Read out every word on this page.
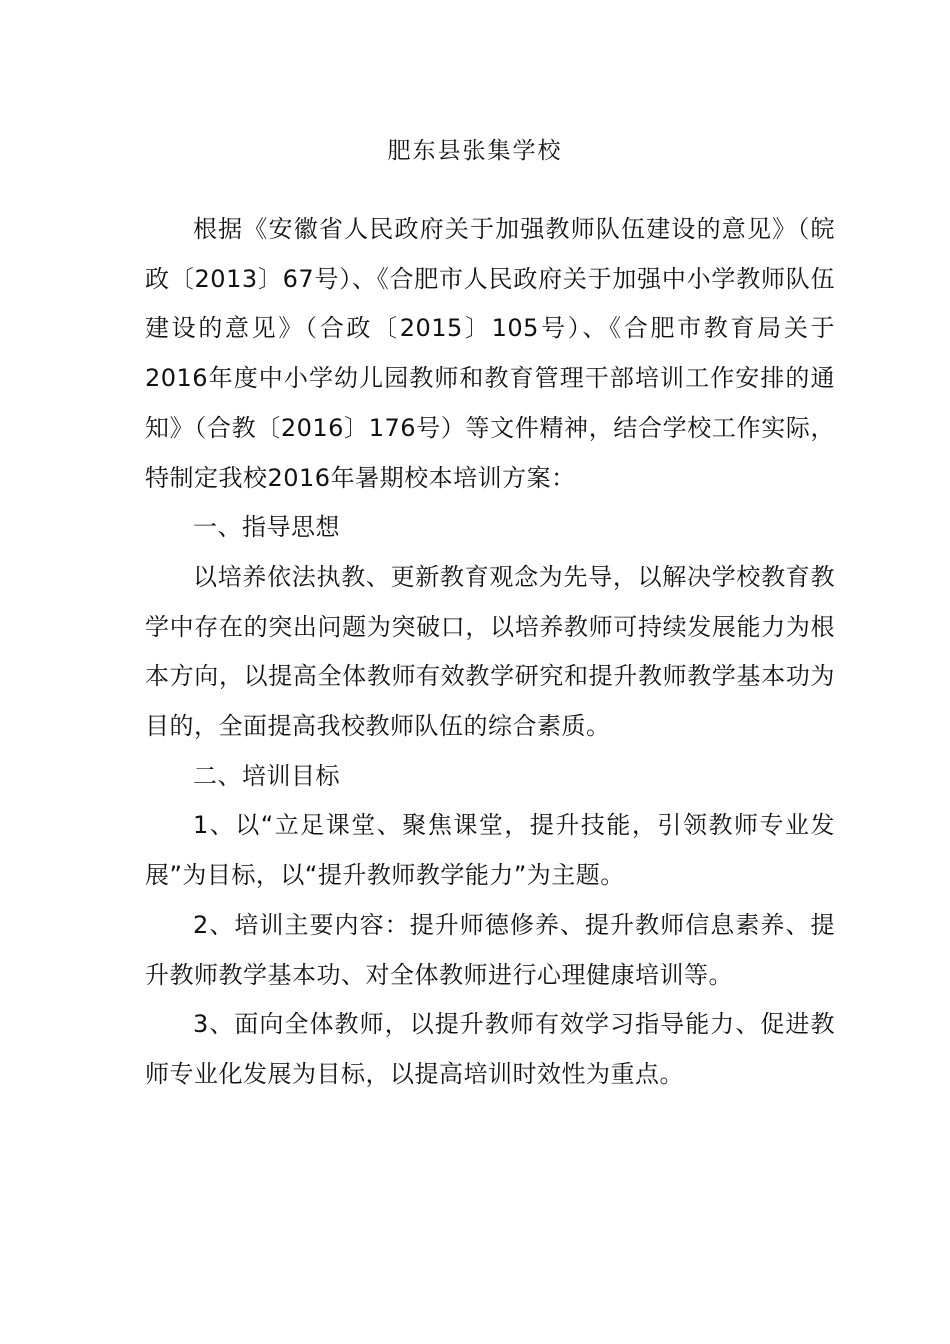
肥东县张集学校

根据《安徽省人民政府关于加强教师队伍建设的意见》（皖政〔2013〕67号）、《合肥市人民政府关于加强中小学教师队伍建设的意见》（合政〔2015〕105号）、《合肥市教育局关于2016年度中小学幼儿园教师和教育管理干部培训工作安排的通知》（合教〔2016〕176号）等文件精神，结合学校工作实际，特制定我校2016年暑期校本培训方案：

一、指导思想

以培养依法执教、更新教育观念为先导，以解决学校教育教学中存在的突出问题为突破口，以培养教师可持续发展能力为根本方向，以提高全体教师有效教学研究和提升教师教学基本功为目的，全面提高我校教师队伍的综合素质。

二、培训目标

1、以“立足课堂、聚焦课堂，提升技能，引领教师专业发展”为目标，以“提升教师教学能力”为主题。

2、培训主要内容：提升师德修养、提升教师信息素养、提升教师教学基本功、对全体教师进行心理健康培训等。

3、面向全体教师，以提升教师有效学习指导能力、促进教师专业化发展为目标，以提高培训时效性为重点。
